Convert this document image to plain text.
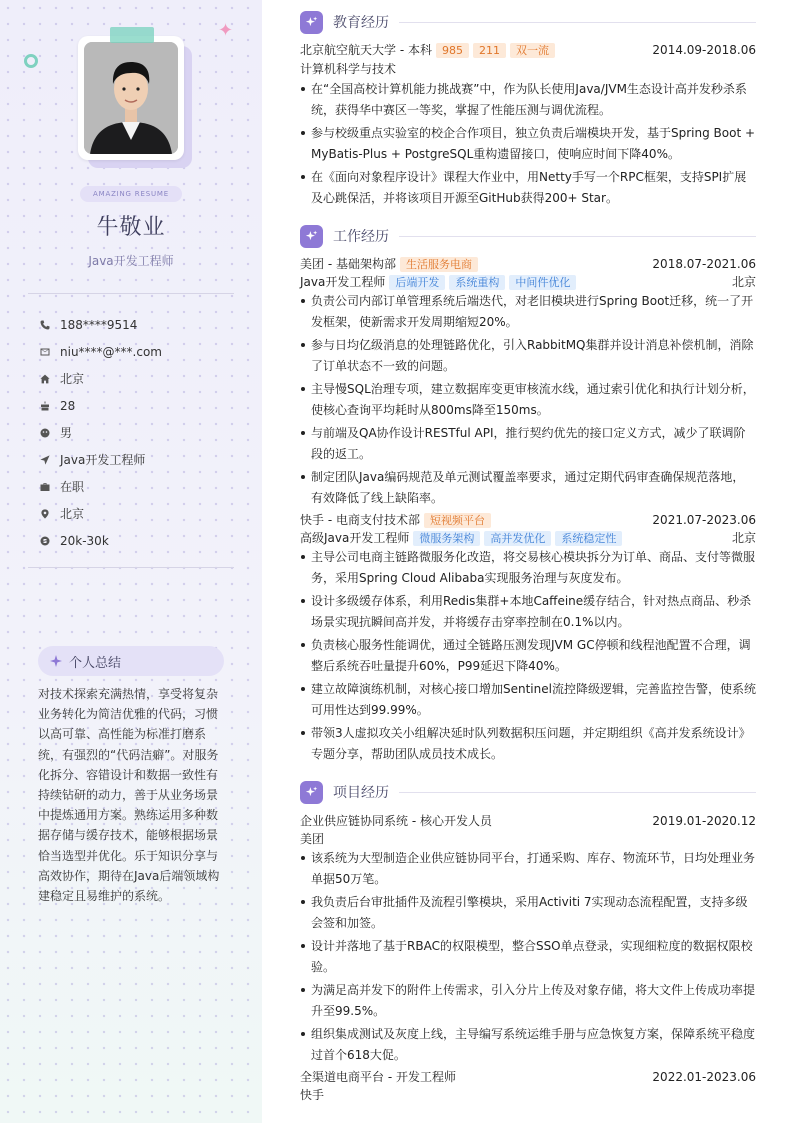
✦
AMAZING RESUME
牛敬业
Java开发工程师
188****9514
niu****@***.com
北京
28
男
Java开发工程师
在职
北京
20k-30k
个人总结

对技术探索充满热情，享受将复杂业务转化为简洁优雅的代码，习惯以高可靠、高性能为标准打磨系统，有强烈的“代码洁癖”。对服务化拆分、容错设计和数据一致性有持续钻研的动力，善于从业务场景中提炼通用方案。熟练运用多种数据存储与缓存技术，能够根据场景恰当选型并优化。乐于知识分享与高效协作，期待在Java后端领域构建稳定且易维护的系统。

教育经历
北京航空航天大学 - 本科 985	211	双一流	2014.09-2018.06
计算机科学与技术
在“全国高校计算机能力挑战赛”中，作为队长使用Java/JVM生态设计高并发秒杀系统，获得华中赛区一等奖，掌握了性能压测与调优流程。
参与校级重点实验室的校企合作项目，独立负责后端模块开发，基于Spring Boot + MyBatis-Plus + PostgreSQL重构遗留接口，使响应时间下降40%。
在《面向对象程序设计》课程大作业中，用Netty手写一个RPC框架，支持SPI扩展及心跳保活，并将该项目开源至GitHub获得200+ Star。
工作经历
美团 - 基础架构部 生活服务电商	2018.07-2021.06
Java开发工程师 后端开发	系统重构	中间件优化	北京
负责公司内部订单管理系统后端迭代，对老旧模块进行Spring Boot迁移，统一了开发框架，使新需求开发周期缩短20%。
参与日均亿级消息的处理链路优化，引入RabbitMQ集群并设计消息补偿机制，消除了订单状态不一致的问题。
主导慢SQL治理专项，建立数据库变更审核流水线，通过索引优化和执行计划分析，使核心查询平均耗时从800ms降至150ms。
与前端及QA协作设计RESTful API，推行契约优先的接口定义方式，减少了联调阶段的返工。
制定团队Java编码规范及单元测试覆盖率要求，通过定期代码审查确保规范落地，有效降低了线上缺陷率。
快手 - 电商支付技术部 短视频平台	2021.07-2023.06
高级Java开发工程师 微服务架构	高并发优化	系统稳定性	北京
主导公司电商主链路微服务化改造，将交易核心模块拆分为订单、商品、支付等微服务，采用Spring Cloud Alibaba实现服务治理与灰度发布。
设计多级缓存体系，利用Redis集群+本地Caffeine缓存结合，针对热点商品、秒杀场景实现抗瞬间高并发，并将缓存击穿率控制在0.1%以内。
负责核心服务性能调优，通过全链路压测发现JVM GC停顿和线程池配置不合理，调整后系统吞吐量提升60%，P99延迟下降40%。
建立故障演练机制，对核心接口增加Sentinel流控降级逻辑，完善监控告警，使系统可用性达到99.99%。
带领3人虚拟攻关小组解决延时队列数据积压问题，并定期组织《高并发系统设计》专题分享，帮助团队成员技术成长。
项目经历
企业供应链协同系统 - 核心开发人员	2019.01-2020.12
美团
该系统为大型制造企业供应链协同平台，打通采购、库存、物流环节，日均处理业务单据50万笔。
我负责后台审批插件及流程引擎模块，采用Activiti 7实现动态流程配置，支持多级会签和加签。
设计并落地了基于RBAC的权限模型，整合SSO单点登录，实现细粒度的数据权限校验。
为满足高并发下的附件上传需求，引入分片上传及对象存储，将大文件上传成功率提升至99.5%。
组织集成测试及灰度上线，主导编写系统运维手册与应急恢复方案，保障系统平稳度过首个618大促。
全渠道电商平台 - 开发工程师	2022.01-2023.06
快手
